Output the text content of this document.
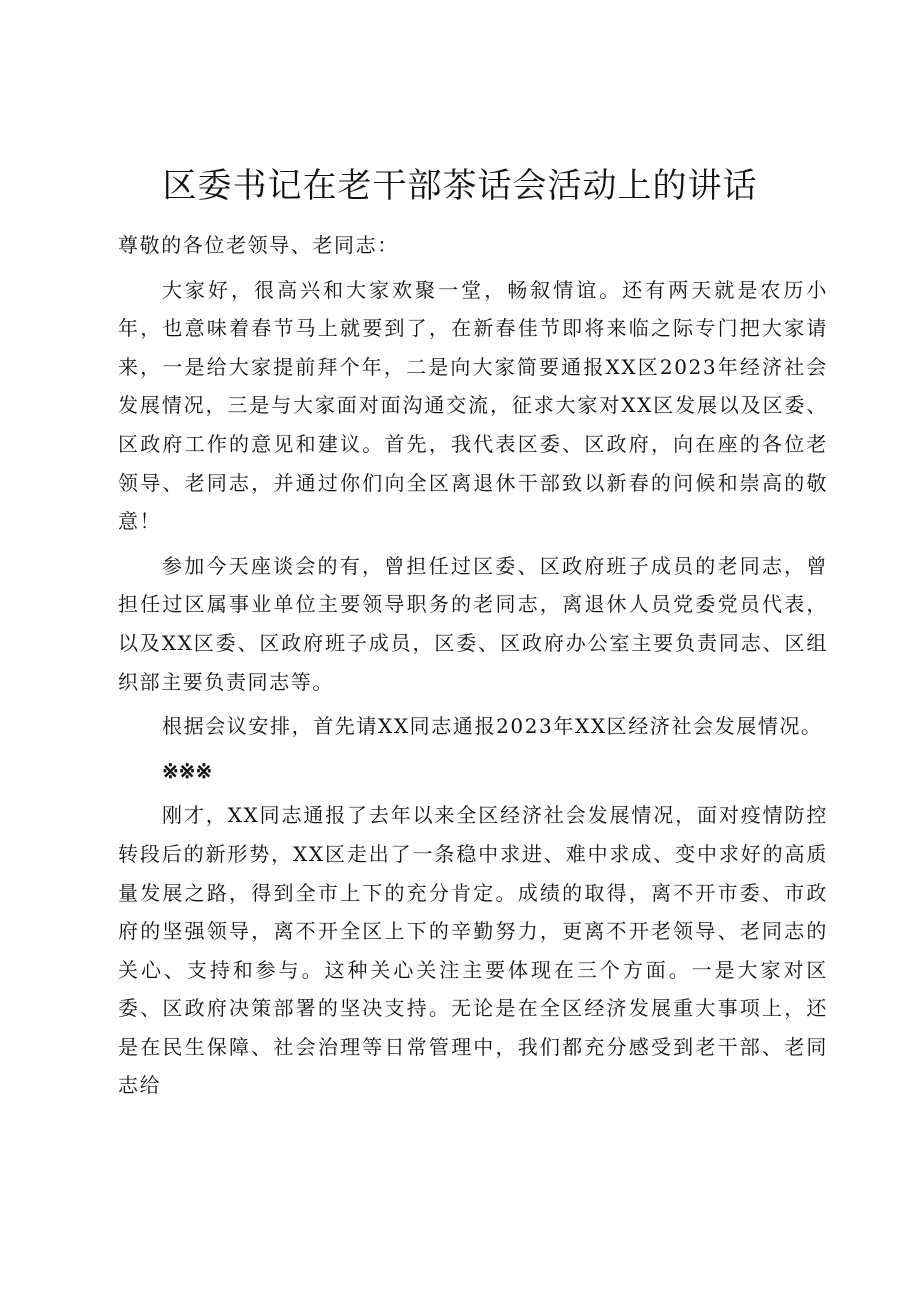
区委书记在老干部茶话会活动上的讲话

尊敬的各位老领导、老同志：

大家好，很高兴和大家欢聚一堂，畅叙情谊。还有两天就是农历小年，也意味着春节马上就要到了，在新春佳节即将来临之际专门把大家请来，一是给大家提前拜个年，二是向大家简要通报XX区2023年经济社会发展情况，三是与大家面对面沟通交流，征求大家对XX区发展以及区委、区政府工作的意见和建议。首先，我代表区委、区政府，向在座的各位老领导、老同志，并通过你们向全区离退休干部致以新春的问候和崇高的敬意！

参加今天座谈会的有，曾担任过区委、区政府班子成员的老同志，曾担任过区属事业单位主要领导职务的老同志，离退休人员党委党员代表，以及XX区委、区政府班子成员，区委、区政府办公室主要负责同志、区组织部主要负责同志等。

根据会议安排，首先请XX同志通报2023年XX区经济社会发展情况。

※※※

刚才，XX同志通报了去年以来全区经济社会发展情况，面对疫情防控转段后的新形势，XX区走出了一条稳中求进、难中求成、变中求好的高质量发展之路，得到全市上下的充分肯定。成绩的取得，离不开市委、市政府的坚强领导，离不开全区上下的辛勤努力，更离不开老领导、老同志的关心、支持和参与。这种关心关注主要体现在三个方面。一是大家对区委、区政府决策部署的坚决支持。无论是在全区经济发展重大事项上，还是在民生保障、社会治理等日常管理中，我们都充分感受到老干部、老同志给
